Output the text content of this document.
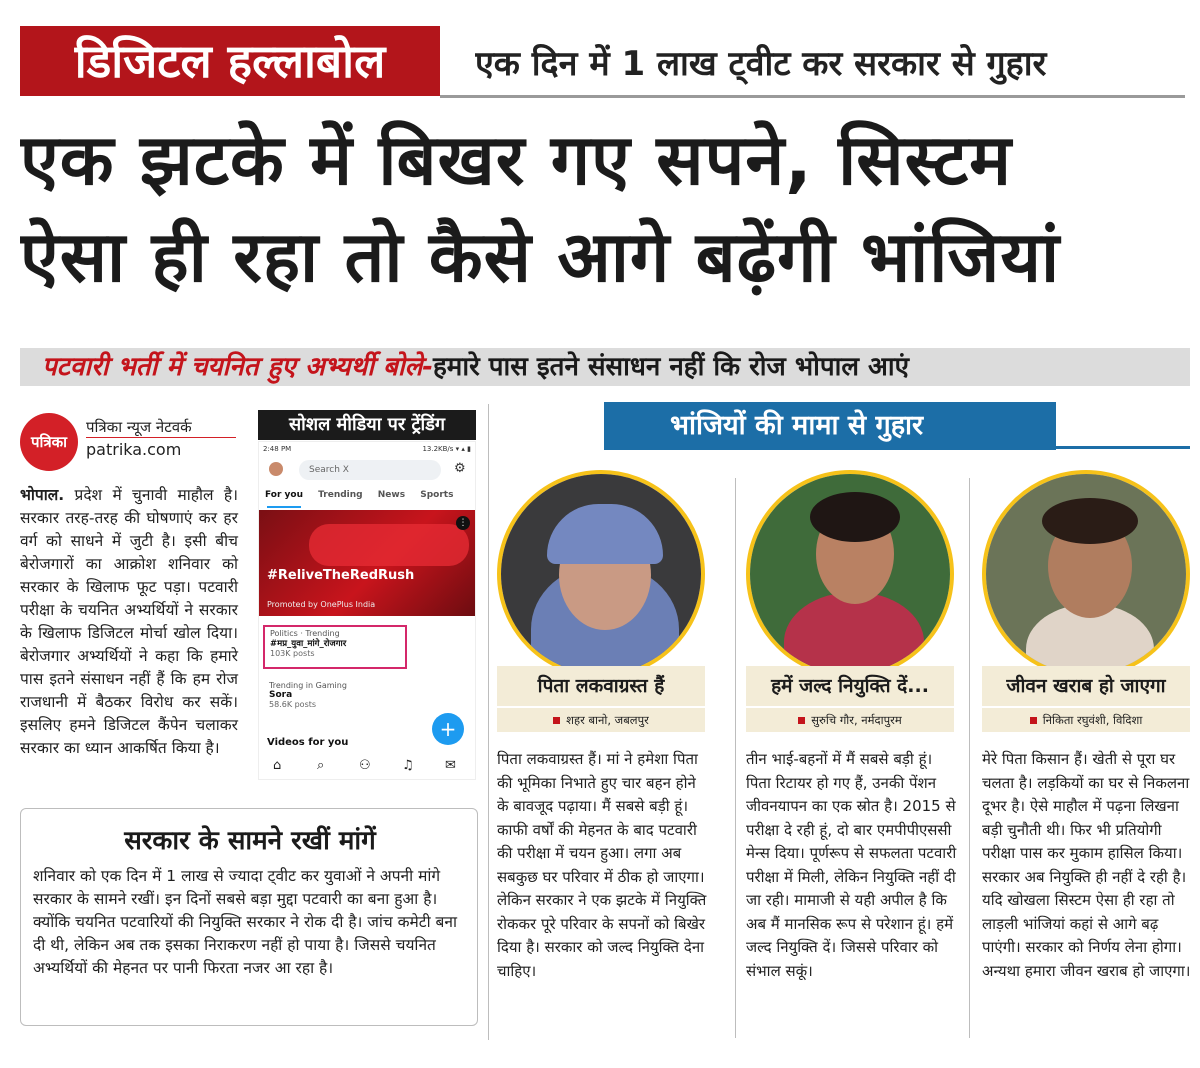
डिजिटल हल्लाबोल	एक दिन में 1 लाख ट्वीट कर सरकार से गुहार
एक झटके में बिखर गए सपने, सिस्टम
ऐसा ही रहा तो कैसे आगे बढ़ेंगी भांजियां
पटवारी भर्ती में चयनित हुए अभ्यर्थी बोले-हमारे पास इतने संसाधन नहीं कि रोज भोपाल आएं
पत्रिका
पत्रिका न्यूज नेटवर्क
patrika.com
भोपाल. प्रदेश में चुनावी माहौल है। सरकार तरह-तरह की घोषणाएं कर हर वर्ग को साधने में जुटी है। इसी बीच बेरोजगारों का आक्रोश शनिवार को सरकार के खिलाफ फूट पड़ा। पटवारी परीक्षा के चयनित अभ्यर्थियों ने सरकार के खिलाफ डिजिटल मोर्चा खोल दिया। बेरोजगार अभ्यर्थियों ने कहा कि हमारे पास इतने संसाधन नहीं हैं कि हम रोज राजधानी में बैठकर विरोध कर सकें। इसलिए हमने डिजिटल कैंपेन चलाकर सरकार का ध्यान आकर्षित किया है।
सोशल मीडिया पर ट्रेंडिंग
2:48 PM	13.2KB/s ▾ ▴ ▮
Search X	⚙
For you Trending News Sports
#ReliveTheRedRush
Promoted by OnePlus India
⋮
Politics · Trending
#मप्र_युवा_मांगे_रोजगार
103K posts
Trending in Gaming
Sora
58.6K posts
+
Videos for you
⌂	⌕	⚇ ♫ ✉
सरकार के सामने रखीं मांगें
शनिवार को एक दिन में 1 लाख से ज्यादा ट्वीट कर युवाओं ने अपनी मांगे सरकार के सामने रखीं। इन दिनों सबसे बड़ा मुद्दा पटवारी का बना हुआ है। क्योंकि चयनित पटवारियों की नियुक्ति सरकार ने रोक दी है। जांच कमेटी बना दी थी, लेकिन अब तक इसका निराकरण नहीं हो पाया है। जिससे चयनित अभ्यर्थियों की मेहनत पर पानी फिरता नजर आ रहा है।
भांजियों की मामा से गुहार
पिता लकवाग्रस्त हैं
शहर बानो, जबलपुर
पिता लकवाग्रस्त हैं। मां ने हमेशा पिता की भूमिका निभाते हुए चार बहन होने के बावजूद पढ़ाया। मैं सबसे बड़ी हूं। काफी वर्षों की मेहनत के बाद पटवारी की परीक्षा में चयन हुआ। लगा अब सबकुछ घर परिवार में ठीक हो जाएगा। लेकिन सरकार ने एक झटके में नियुक्ति रोककर पूरे परिवार के सपनों को बिखेर दिया है। सरकार को जल्द नियुक्ति देना चाहिए।
हमें जल्द नियुक्ति दें...
सुरुचि गौर, नर्मदापुरम
तीन भाई-बहनों में मैं सबसे बड़ी हूं। पिता रिटायर हो गए हैं, उनकी पेंशन जीवनयापन का एक स्रोत है। 2015 से परीक्षा दे रही हूं, दो बार एमपीपीएससी मेन्स दिया। पूर्णरूप से सफलता पटवारी परीक्षा में मिली, लेकिन नियुक्ति नहीं दी जा रही। मामाजी से यही अपील है कि अब मैं मानसिक रूप से परेशान हूं। हमें जल्द नियुक्ति दें। जिससे परिवार को संभाल सकूं।
जीवन खराब हो जाएगा
निकिता रघुवंशी, विदिशा
मेरे पिता किसान हैं। खेती से पूरा घर चलता है। लड़कियों का घर से निकलना दूभर है। ऐसे माहौल में पढ़ना लिखना बड़ी चुनौती थी। फिर भी प्रतियोगी परीक्षा पास कर मुकाम हासिल किया। सरकार अब नियुक्ति ही नहीं दे रही है। यदि खोखला सिस्टम ऐसा ही रहा तो लाड़ली भांजियां कहां से आगे बढ़ पाएंगी। सरकार को निर्णय लेना होगा। अन्यथा हमारा जीवन खराब हो जाएगा।
